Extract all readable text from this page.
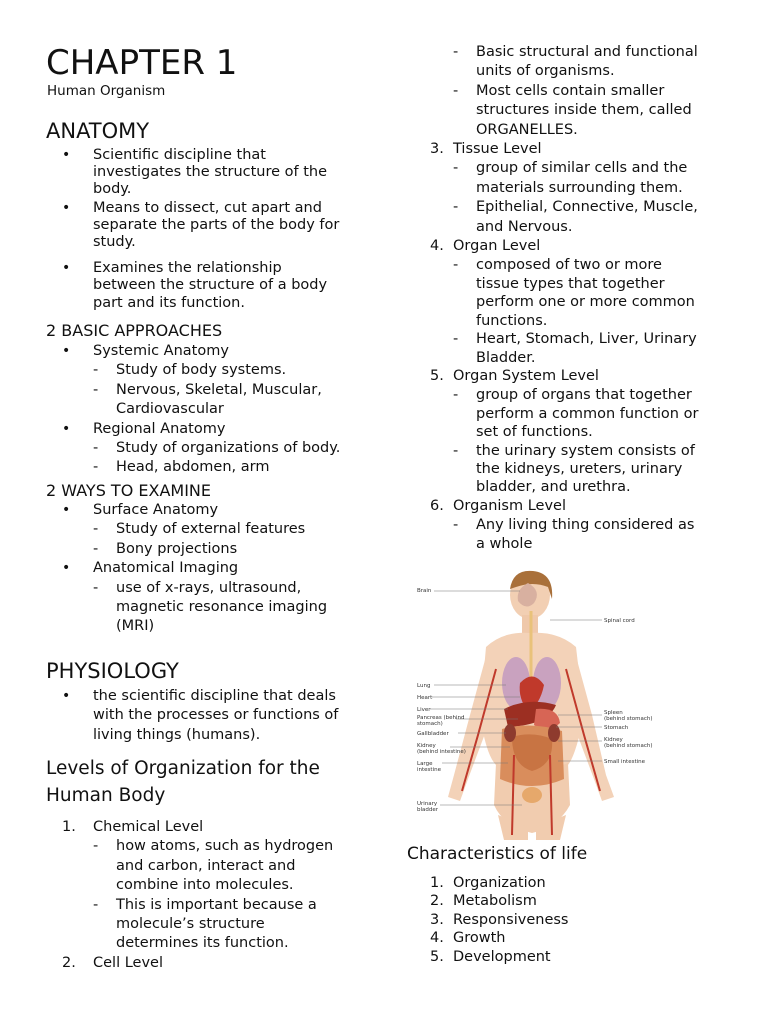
CHAPTER 1
Human Organism
ANATOMY
•	Scientific discipline that
investigates the structure of the
body.
•	Means to dissect, cut apart and
separate the parts of the body for
study.
•	Examines the relationship
between the structure of a body
part and its function.
2 BASIC APPROACHES
•	Systemic Anatomy
-	Study of body systems.
-	Nervous, Skeletal, Muscular,
Cardiovascular
•	Regional Anatomy
-	Study of organizations of body.
-	Head, abdomen, arm
2 WAYS TO EXAMINE
•	Surface Anatomy
-	Study of external features
-	Bony projections
•	Anatomical Imaging
-	use of x-rays, ultrasound,
magnetic resonance imaging
(MRI)
PHYSIOLOGY
•	the scientific discipline that deals
with the processes or functions of
living things (humans).
Levels of Organization for the
Human Body
1.	Chemical Level
-	how atoms, such as hydrogen
and carbon, interact and
combine into molecules.
-	This is important because a
molecule’s structure
determines its function.
2.	Cell Level
-	Basic structural and functional
units of organisms.
-	Most cells contain smaller
structures inside them, called
ORGANELLES.
3. Tissue Level
-	group of similar cells and the
materials surrounding them.
-	Epithelial, Connective, Muscle,
and Nervous.
4. Organ Level
-	composed of two or more
tissue types that together
perform one or more common
functions.
-	Heart, Stomach, Liver, Urinary
Bladder.
5. Organ System Level
-	group of organs that together
perform a common function or
set of functions.
-	the urinary system consists of
the kidneys, ureters, urinary
bladder, and urethra.
6. Organism Level
-	Any living thing considered as
a whole
Brain
Spinal cord
Lung
Heart
Liver
Pancreas (behind
stomach)
Gallbladder
Kidney
(behind intestine)
Large
intestine
Urinary
bladder
Spleen
(behind stomach)
Stomach
Kidney
(behind stomach)
Small intestine
Characteristics of life
1. Organization
2. Metabolism
3. Responsiveness
4. Growth
5. Development
